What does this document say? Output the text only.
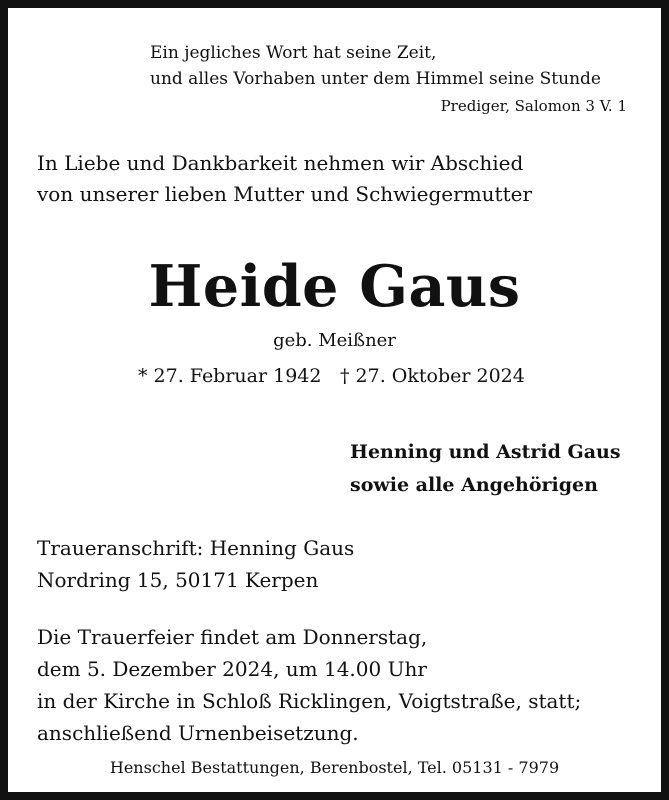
Ein jegliches Wort hat seine Zeit,
und alles Vorhaben unter dem Himmel seine Stunde
Prediger, Salomon 3 V. 1
In Liebe und Dankbarkeit nehmen wir Abschied
von unserer lieben Mutter und Schwiegermutter
Heide Gaus
geb. Meißner
* 27. Februar 1942 † 27. Oktober 2024
Henning und Astrid Gaus
sowie alle Angehörigen
Traueranschrift: Henning Gaus
Nordring 15, 50171 Kerpen
Die Trauerfeier findet am Donnerstag,
dem 5. Dezember 2024, um 14.00 Uhr
in der Kirche in Schloß Ricklingen, Voigtstraße, statt;
anschließend Urnenbeisetzung.
Henschel Bestattungen, Berenbostel, Tel. 05131 - 7979
